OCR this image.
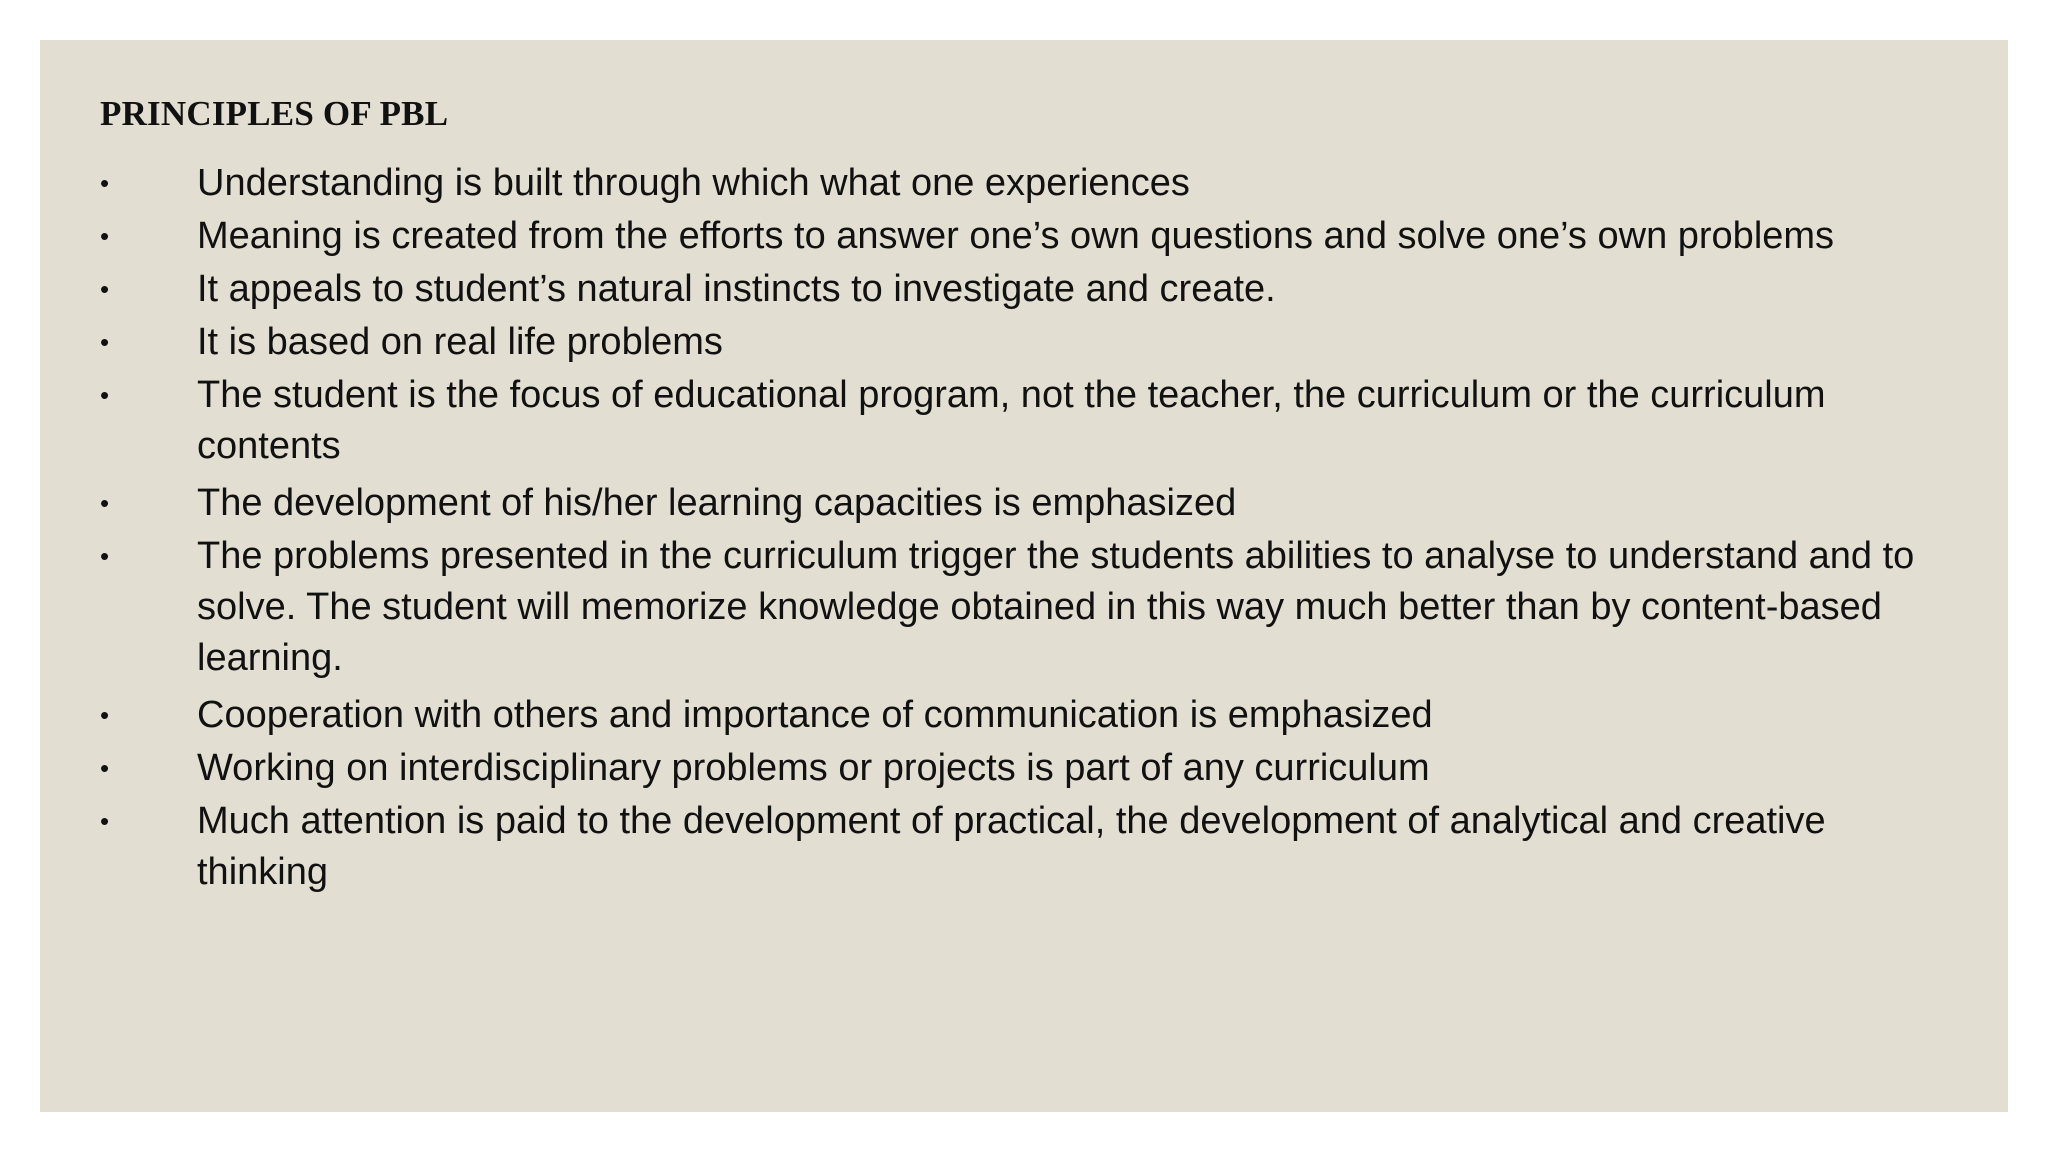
PRINCIPLES OF PBL
• Understanding is built through which what one experiences
• Meaning is created from the efforts to answer one’s own questions and solve one’s own problems
• It appeals to student’s natural instincts to investigate and create.
• It is based on real life problems
• The student is the focus of educational program, not the teacher, the curriculum or the curriculum contents
• The development of his/her learning capacities is emphasized
• The problems presented in the curriculum trigger the students abilities to analyse to understand and to solve. The student will memorize knowledge obtained in this way much better than by content-based learning.
• Cooperation with others and importance of communication is emphasized
• Working on interdisciplinary problems or projects is part of any curriculum
• Much attention is paid to the development of practical, the development of analytical and creative thinking
